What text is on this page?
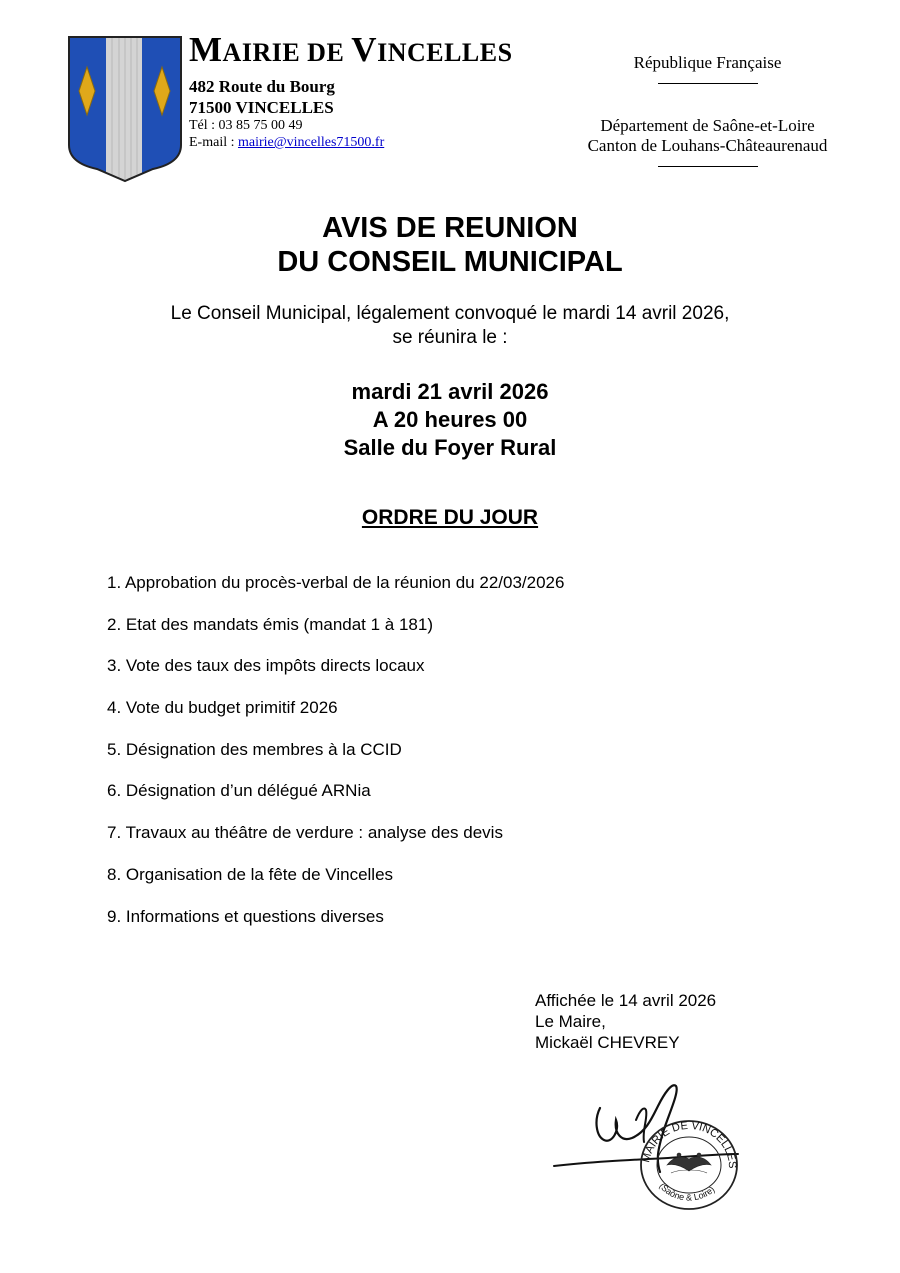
MAIRIE DE VINCELLES
482 Route du Bourg
71500 VINCELLES
Tél : 03 85 75 00 49
E-mail : mairie@vincelles71500.fr
République Française
Département de Saône-et-Loire
Canton de Louhans-Châteaurenaud
AVIS DE REUNION
DU CONSEIL MUNICIPAL
Le Conseil Municipal, légalement convoqué le mardi 14 avril 2026,
se réunira le :
mardi 21 avril 2026
A 20 heures 00
Salle du Foyer Rural
ORDRE DU JOUR
1. Approbation du procès-verbal de la réunion du 22/03/2026
2. Etat des mandats émis (mandat 1 à 181)
3. Vote des taux des impôts directs locaux
4. Vote du budget primitif 2026
5. Désignation des membres à la CCID
6. Désignation d’un délégué ARNia
7. Travaux au théâtre de verdure : analyse des devis
8. Organisation de la fête de Vincelles
9. Informations et questions diverses
Affichée le 14 avril 2026
Le Maire,
Mickaël CHEVREY
MAIRIE DE VINCELLES
(Saône & Loire)
